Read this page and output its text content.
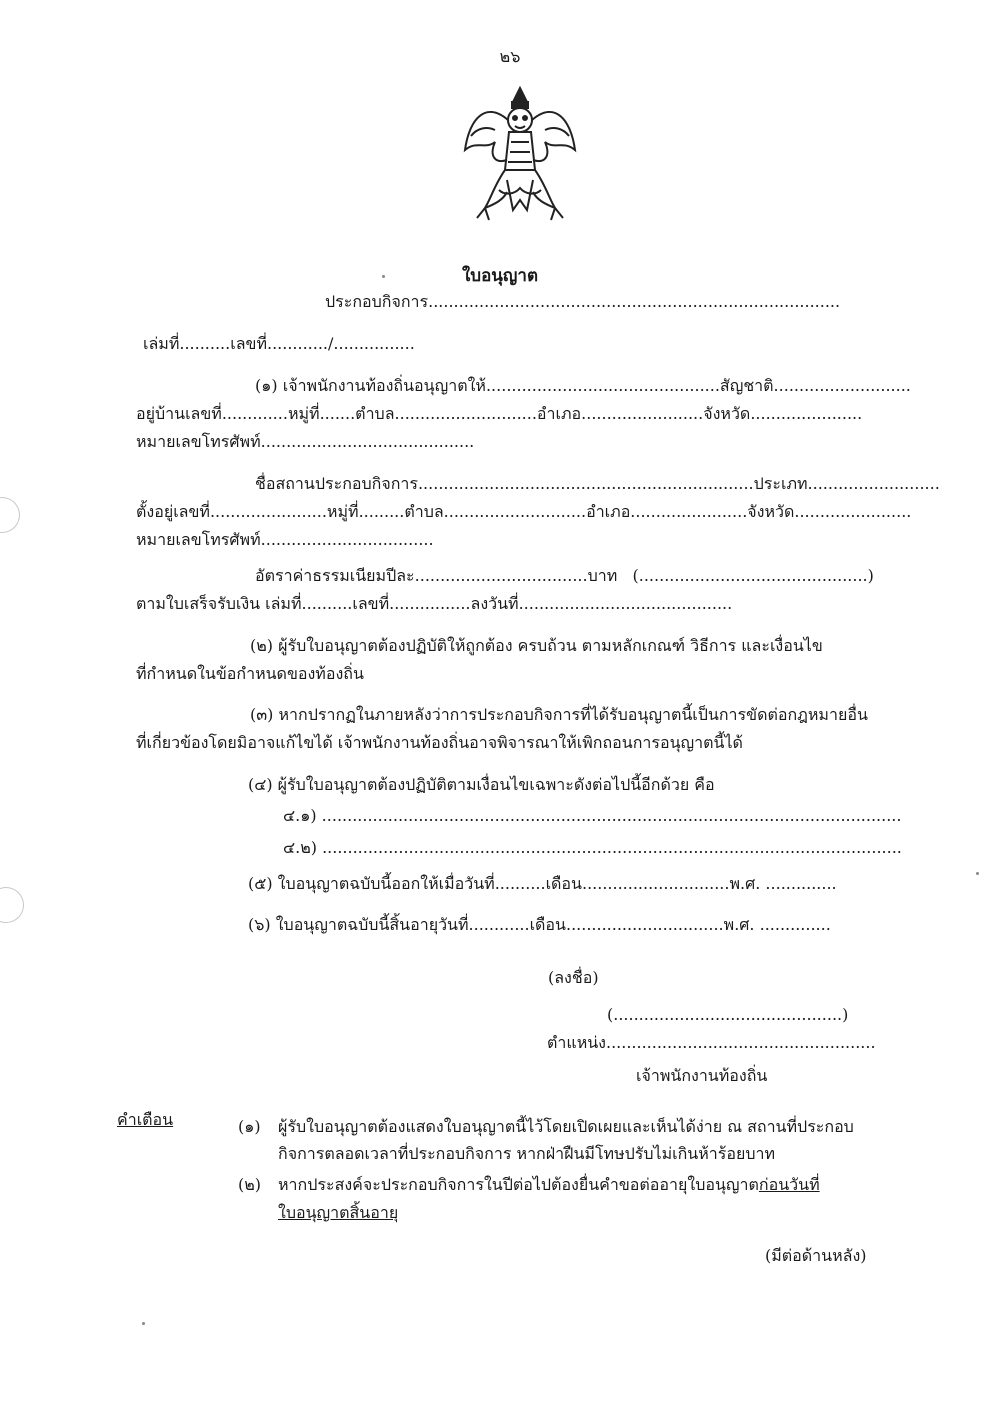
๒๖
ใบอนุญาต
ประกอบกิจการ.................................................................................
เล่มที่..........เลขที่............/................
(๑) เจ้าพนักงานท้องถิ่นอนุญาตให้..............................................สัญชาติ...........................
อยู่บ้านเลขที่.............หมู่ที่.......ตำบล............................อำเภอ........................จังหวัด......................
หมายเลขโทรศัพท์..........................................
ชื่อสถานประกอบกิจการ..................................................................ประเภท..........................
ตั้งอยู่เลขที่.......................หมู่ที่.........ตำบล............................อำเภอ.......................จังหวัด.......................
หมายเลขโทรศัพท์..................................
อัตราค่าธรรมเนียมปีละ..................................บาท   (.............................................)
ตามใบเสร็จรับเงิน เล่มที่..........เลขที่................ลงวันที่..........................................
(๒) ผู้รับใบอนุญาตต้องปฏิบัติให้ถูกต้อง ครบถ้วน ตามหลักเกณฑ์ วิธีการ และเงื่อนไข
ที่กำหนดในข้อกำหนดของท้องถิ่น
(๓) หากปรากฏในภายหลังว่าการประกอบกิจการที่ได้รับอนุญาตนี้เป็นการขัดต่อกฎหมายอื่น
ที่เกี่ยวข้องโดยมิอาจแก้ไขได้ เจ้าพนักงานท้องถิ่นอาจพิจารณาให้เพิกถอนการอนุญาตนี้ได้
(๔) ผู้รับใบอนุญาตต้องปฏิบัติตามเงื่อนไขเฉพาะดังต่อไปนี้อีกด้วย คือ
๔.๑) ..................................................................................................................
๔.๒) ..................................................................................................................
(๕) ใบอนุญาตฉบับนี้ออกให้เมื่อวันที่..........เดือน.............................พ.ศ. ..............
(๖) ใบอนุญาตฉบับนี้สิ้นอายุวันที่............เดือน...............................พ.ศ. ..............
(ลงชื่อ)
(.............................................)
ตำแหน่ง.....................................................
เจ้าพนักงานท้องถิ่น
คำเตือน	(๑) ผู้รับใบอนุญาตต้องแสดงใบอนุญาตนี้ไว้โดยเปิดเผยและเห็นได้ง่าย ณ สถานที่ประกอบ
กิจการตลอดเวลาที่ประกอบกิจการ หากฝ่าฝืนมีโทษปรับไม่เกินห้าร้อยบาท
(๒) หากประสงค์จะประกอบกิจการในปีต่อไปต้องยื่นคำขอต่ออายุใบอนุญาตก่อนวันที่
ใบอนุญาตสิ้นอายุ
(มีต่อด้านหลัง)
